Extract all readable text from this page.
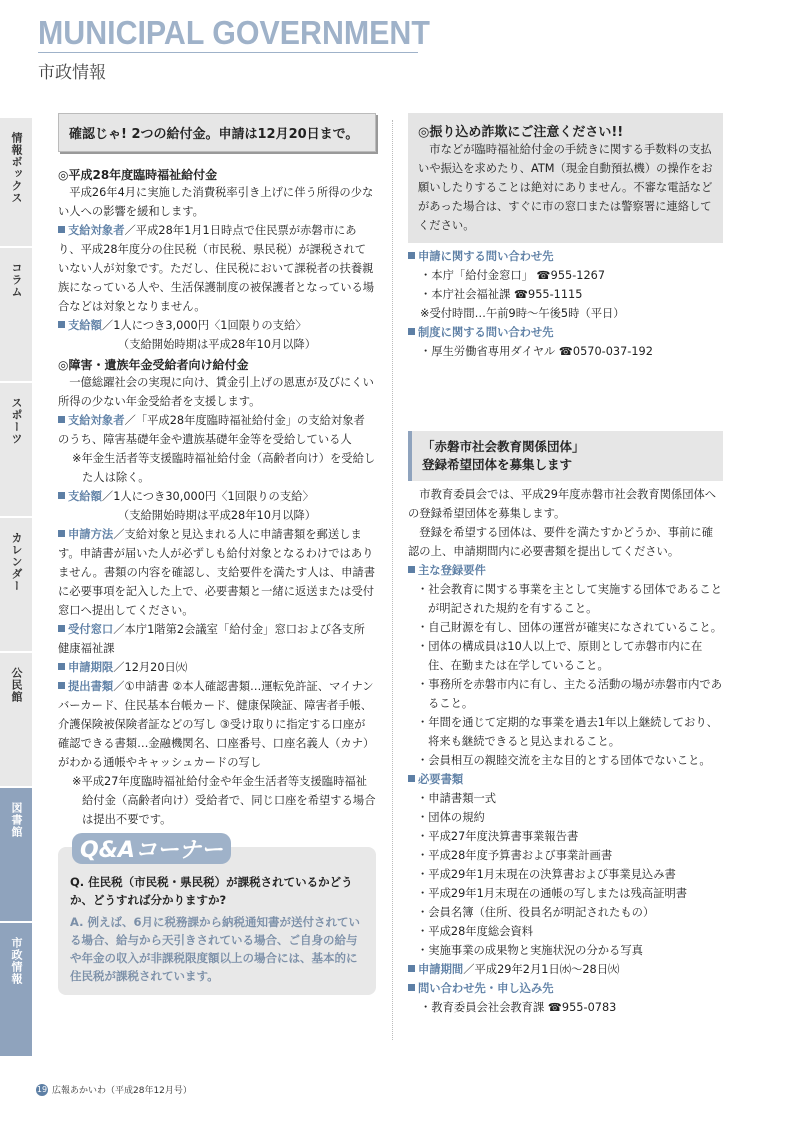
MUNICIPAL GOVERNMENT
市政情報
情報ボックス
コラム
スポーツ
カレンダー
公民館
図書館
市政情報
確認じゃ! 2つの給付金。申請は12月20日まで。
◎平成28年度臨時福祉給付金

平成26年4月に実施した消費税率引き上げに伴う所得の少ない人への影響を緩和します。

支給対象者／平成28年1月1日時点で住民票が赤磐市にあり、平成28年度分の住民税（市民税、県民税）が課税されていない人が対象です。ただし、住民税において課税者の扶養親族になっている人や、生活保護制度の被保護者となっている場合などは対象となりません。

支給額／1人につき3,000円〈1回限りの支給〉

（支給開始時期は平成28年10月以降）

◎障害・遺族年金受給者向け給付金

一億総躍社会の実現に向け、賃金引上げの恩恵が及びにくい所得の少ない年金受給者を支援します。

支給対象者／「平成28年度臨時福祉給付金」の支給対象者のうち、障害基礎年金や遺族基礎年金等を受給している人

※年金生活者等支援臨時福祉給付金（高齢者向け）を受給した人は除く。

支給額／1人につき30,000円〈1回限りの支給〉

（支給開始時期は平成28年10月以降）

申請方法／支給対象と見込まれる人に申請書類を郵送します。申請書が届いた人が必ずしも給付対象となるわけではありません。書類の内容を確認し、支給要件を満たす人は、申請書に必要事項を記入した上で、必要書類と一緒に返送または受付窓口へ提出してください。

受付窓口／本庁1階第2会議室「給付金」窓口および各支所健康福祉課

申請期限／12月20日㈫

提出書類／①申請書 ②本人確認書類…運転免許証、マイナンバーカード、住民基本台帳カード、健康保険証、障害者手帳、介護保険被保険者証などの写し ③受け取りに指定する口座が確認できる書類…金融機関名、口座番号、口座名義人（カナ）がわかる通帳やキャッシュカードの写し

※平成27年度臨時福祉給付金や年金生活者等支援臨時福祉給付金（高齢者向け）受給者で、同じ口座を希望する場合は提出不要です。

Q&Aコーナー
Q. 住民税（市民税・県民税）が課税されているかどうか、どうすれば分かりますか?
A. 例えば、6月に税務課から納税通知書が送付されている場合、給与から天引きされている場合、ご自身の給与や年金の収入が非課税限度額以上の場合には、基本的に住民税が課税されています。
◎振り込め詐欺にご注意ください!!

市などが臨時福祉給付金の手続きに関する手数料の支払いや振込を求めたり、ATM（現金自動預払機）の操作をお願いしたりすることは絶対にありません。不審な電話などがあった場合は、すぐに市の窓口または警察署に連絡してください。

申請に関する問い合わせ先

・本庁「給付金窓口」 ☎955-1267

・本庁社会福祉課 ☎955-1115

※受付時間…午前9時～午後5時（平日）

制度に関する問い合わせ先

・厚生労働省専用ダイヤル ☎0570-037-192

「赤磐市社会教育関係団体」
登録希望団体を募集します

市教育委員会では、平成29年度赤磐市社会教育関係団体への登録希望団体を募集します。

登録を希望する団体は、要件を満たすかどうか、事前に確認の上、申請期間内に必要書類を提出してください。

主な登録要件

・社会教育に関する事業を主として実施する団体であることが明記された規約を有すること。

・自己財源を有し、団体の運営が確実になされていること。

・団体の構成員は10人以上で、原則として赤磐市内に在住、在勤または在学していること。

・事務所を赤磐市内に有し、主たる活動の場が赤磐市内であること。

・年間を通じて定期的な事業を過去1年以上継続しており、将来も継続できると見込まれること。

・会員相互の親睦交流を主な目的とする団体でないこと。

必要書類

・申請書類一式

・団体の規約

・平成27年度決算書事業報告書

・平成28年度予算書および事業計画書

・平成29年1月末現在の決算書および事業見込み書

・平成29年1月末現在の通帳の写しまたは残高証明書

・会員名簿（住所、役員名が明記されたもの）

・平成28年度総会資料

・実施事業の成果物と実施状況の分かる写真

申請期間／平成29年2月1日㈬～28日㈫

問い合わせ先・申し込み先

・教育委員会社会教育課 ☎955-0783

19 広報あかいわ（平成28年12月号）
